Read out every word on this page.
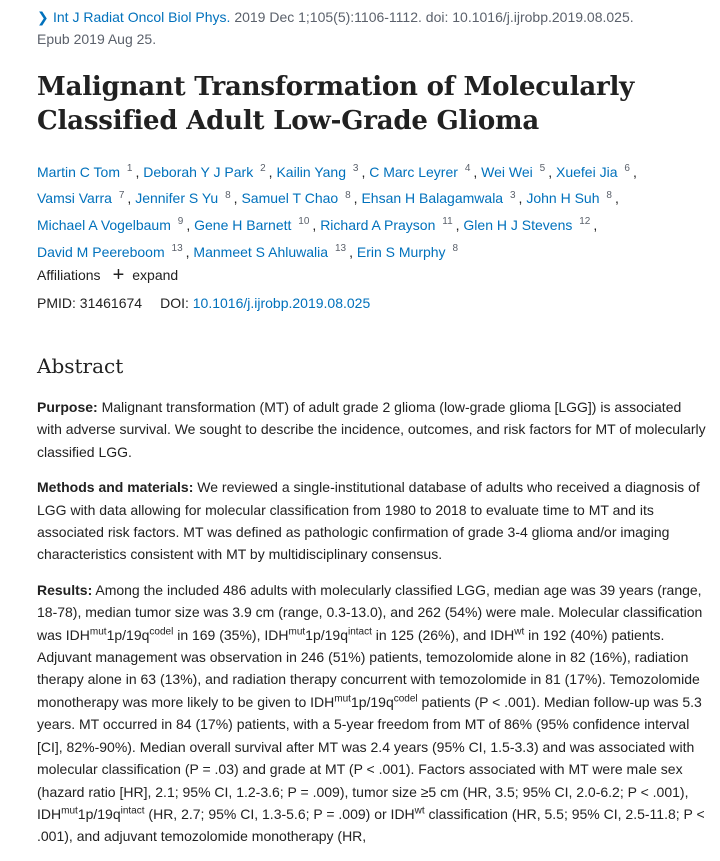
❯ Int J Radiat Oncol Biol Phys. 2019 Dec 1;105(5):1106-1112. doi: 10.1016/j.ijrobp.2019.08.025.
Epub 2019 Aug 25.
Malignant Transformation of Molecularly Classified Adult Low-Grade Glioma
Martin C Tom $^1$ , Deborah Y J Park $^2$ , Kailin Yang $^3$ , C Marc Leyrer $^4$ , Wei Wei $^5$ , Xuefei Jia $^6$ , Vamsi Varra $^7$ , Jennifer S Yu $^8$ , Samuel T Chao $^8$ , Ehsan H Balagamwala $^3$ , John H Suh $^8$ , Michael A Vogelbaum $^9$ , Gene H Barnett $^{10}$ , Richard A Prayson $^{11}$ , Glen H J Stevens $^{12}$ , David M Peereboom $^{13}$ , Manmeet S Ahluwalia $^{13}$ , Erin S Murphy $^8$
Affiliations + expand
PMID: 31461674 DOI: 10.1016/j.ijrobp.2019.08.025
Abstract

Purpose: Malignant transformation (MT) of adult grade 2 glioma (low-grade glioma [LGG]) is associated with adverse survival. We sought to describe the incidence, outcomes, and risk factors for MT of molecularly classified LGG.

Methods and materials: We reviewed a single-institutional database of adults who received a diagnosis of LGG with data allowing for molecular classification from 1980 to 2018 to evaluate time to MT and its associated risk factors. MT was defined as pathologic confirmation of grade 3-4 glioma and/or imaging characteristics consistent with MT by multidisciplinary consensus.

Results: Among the included 486 adults with molecularly classified LGG, median age was 39 years (range, 18-78), median tumor size was 3.9 cm (range, 0.3-13.0), and 262 (54%) were male. Molecular classification was $IDH^{mut}1p/19q^{codel}$ in 169 (35%), $IDH^{mut}1p/19q^{intact}$ in 125 (26%), and $IDH^{wt}$ in 192 (40%) patients. Adjuvant management was observation in 246 (51%) patients, temozolomide alone in 82 (16%), radiation therapy alone in 63 (13%), and radiation therapy concurrent with temozolomide in 81 (17%). Temozolomide monotherapy was more likely to be given to $IDH^{mut}1p/19q^{codel}$ patients (P < .001). Median follow-up was 5.3 years. MT occurred in 84 (17%) patients, with a 5-year freedom from MT of 86% (95% confidence interval [CI], 82%-90%). Median overall survival after MT was 2.4 years (95% CI, 1.5-3.3) and was associated with molecular classification (P = .03) and grade at MT (P < .001). Factors associated with MT were male sex (hazard ratio [HR], 2.1; 95% CI, 1.2-3.6; P = .009), tumor size ≥5 cm (HR, 3.5; 95% CI, 2.0-6.2; P < .001), $IDH^{mut}1p/19q^{intact}$ (HR, 2.7; 95% CI, 1.3-5.6; P = .009) or $IDH^{wt}$ classification (HR, 5.5; 95% CI, 2.5-11.8; P < .001), and adjuvant temozolomide monotherapy (HR,
